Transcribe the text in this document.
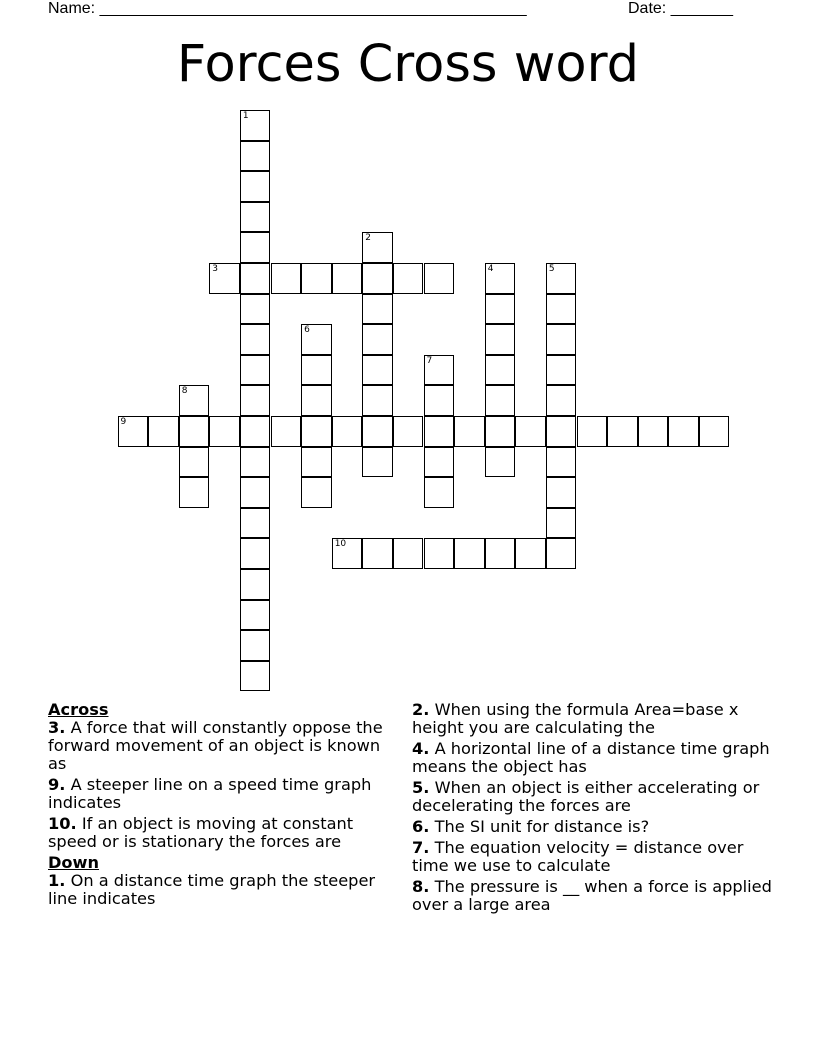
Name: ________________________________________________	Date: _______
Forces Cross word
1
2
3	4	5
6
7
8
9
10
Across
3. A force that will constantly oppose the forward movement of an object is known as
9. A steeper line on a speed time graph indicates
10. If an object is moving at constant speed or is stationary the forces are
Down
1. On a distance time graph the steeper line indicates
2. When using the formula Area=base x height you are calculating the
4. A horizontal line of a distance time graph means the object has
5. When an object is either accelerating or decelerating the forces are
6. The SI unit for distance is?
7. The equation velocity = distance over time we use to calculate
8. The pressure is __ when a force is applied over a large area
